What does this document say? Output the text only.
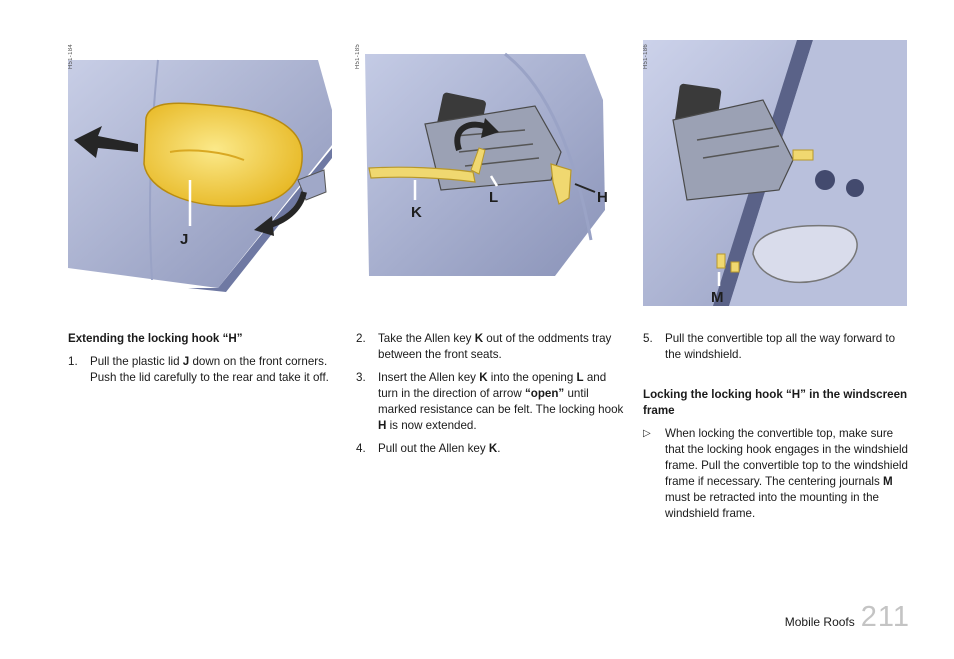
H51-184
J
H51-185
K
L	H
H51-186
M

Extending the locking hook “H”

1. Pull the plastic lid J down on the front corners. Push the lid carefully to the rear and take it off.

2. Take the Allen key K out of the oddments tray between the front seats.

3. Insert the Allen key K into the opening L and turn in the direction of arrow “open” until marked resistance can be felt. The locking hook H is now extended.

4. Pull out the Allen key K.

5. Pull the convertible top all the way forward to the windshield.

Locking the locking hook “H” in the windscreen frame

▷ When locking the convertible top, make sure that the locking hook engages in the windshield frame. Pull the convertible top to the windshield frame if necessary. The centering journals M must be retracted into the mounting in the windshield frame.

Mobile Roofs 211
